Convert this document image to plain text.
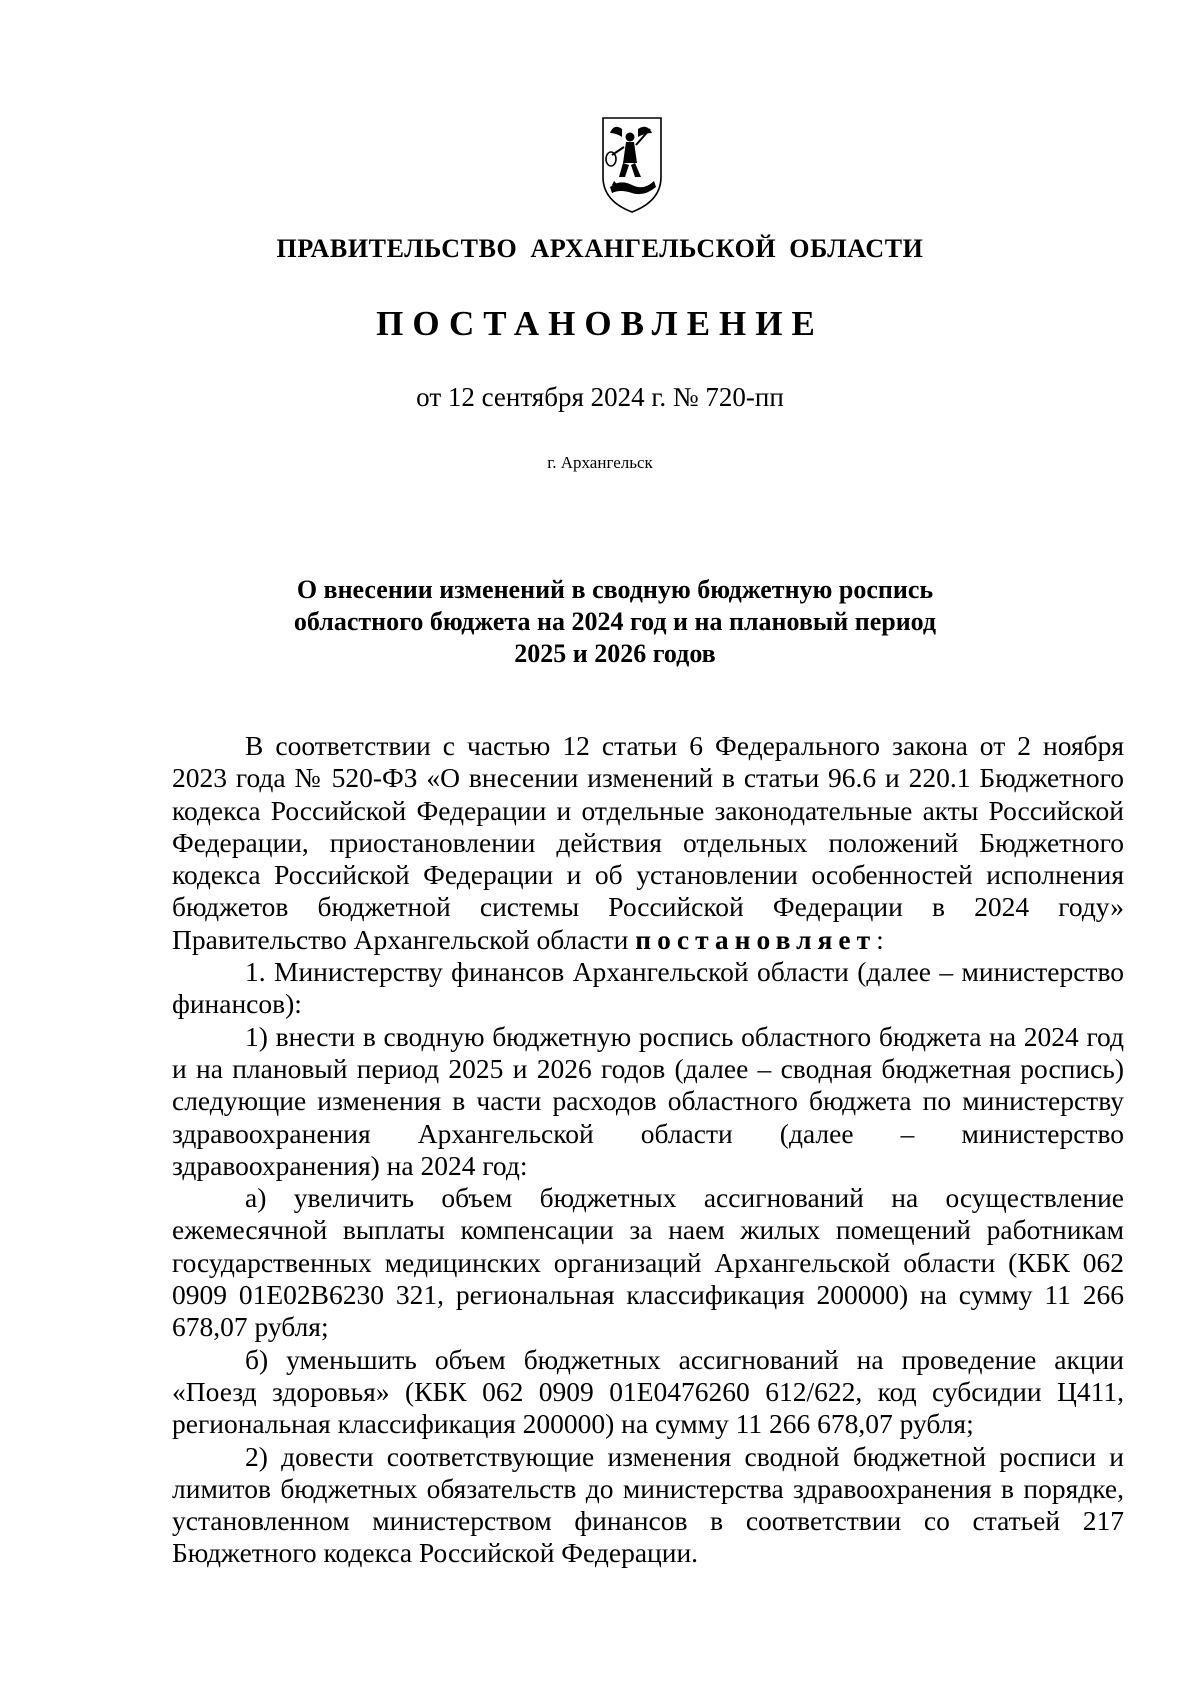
ПРАВИТЕЛЬСТВО АРХАНГЕЛЬСКОЙ ОБЛАСТИ
ПОСТАНОВЛЕНИЕ
от 12 сентября 2024 г. № 720-пп
г. Архангельск
О внесении изменений в сводную бюджетную роспись
областного бюджета на 2024 год и на плановый период
2025 и 2026 годов

В соответствии с частью 12 статьи 6 Федерального закона от 2 ноября 2023 года № 520-ФЗ «О внесении изменений в статьи 96.6 и 220.1 Бюджетного кодекса Российской Федерации и отдельные законодательные акты Российской Федерации, приостановлении действия отдельных положений Бюджетного кодекса Российской Федерации и об установлении особенностей исполнения бюджетов бюджетной системы Российской Федерации в 2024 году» Правительство Архангельской области постановляет:

1. Министерству финансов Архангельской области (далее – министерство финансов):

1) внести в сводную бюджетную роспись областного бюджета на 2024 год и на плановый период 2025 и 2026 годов (далее – сводная бюджетная роспись) следующие изменения в части расходов областного бюджета по министерству здравоохранения Архангельской области (далее – министерство здравоохранения) на 2024 год:

а) увеличить объем бюджетных ассигнований на осуществление ежемесячной выплаты компенсации за наем жилых помещений работникам государственных медицинских организаций Архангельской области (КБК 062 0909 01Е02В6230 321, региональная классификация 200000) на сумму 11 266 678,07 рубля;

б) уменьшить объем бюджетных ассигнований на проведение акции «Поезд здоровья» (КБК 062 0909 01Е0476260 612/622, код субсидии Ц411, региональная классификация 200000) на сумму 11 266 678,07 рубля;

2) довести соответствующие изменения сводной бюджетной росписи и лимитов бюджетных обязательств до министерства здравоохранения в порядке, установленном министерством финансов в соответствии со статьей 217 Бюджетного кодекса Российской Федерации.
